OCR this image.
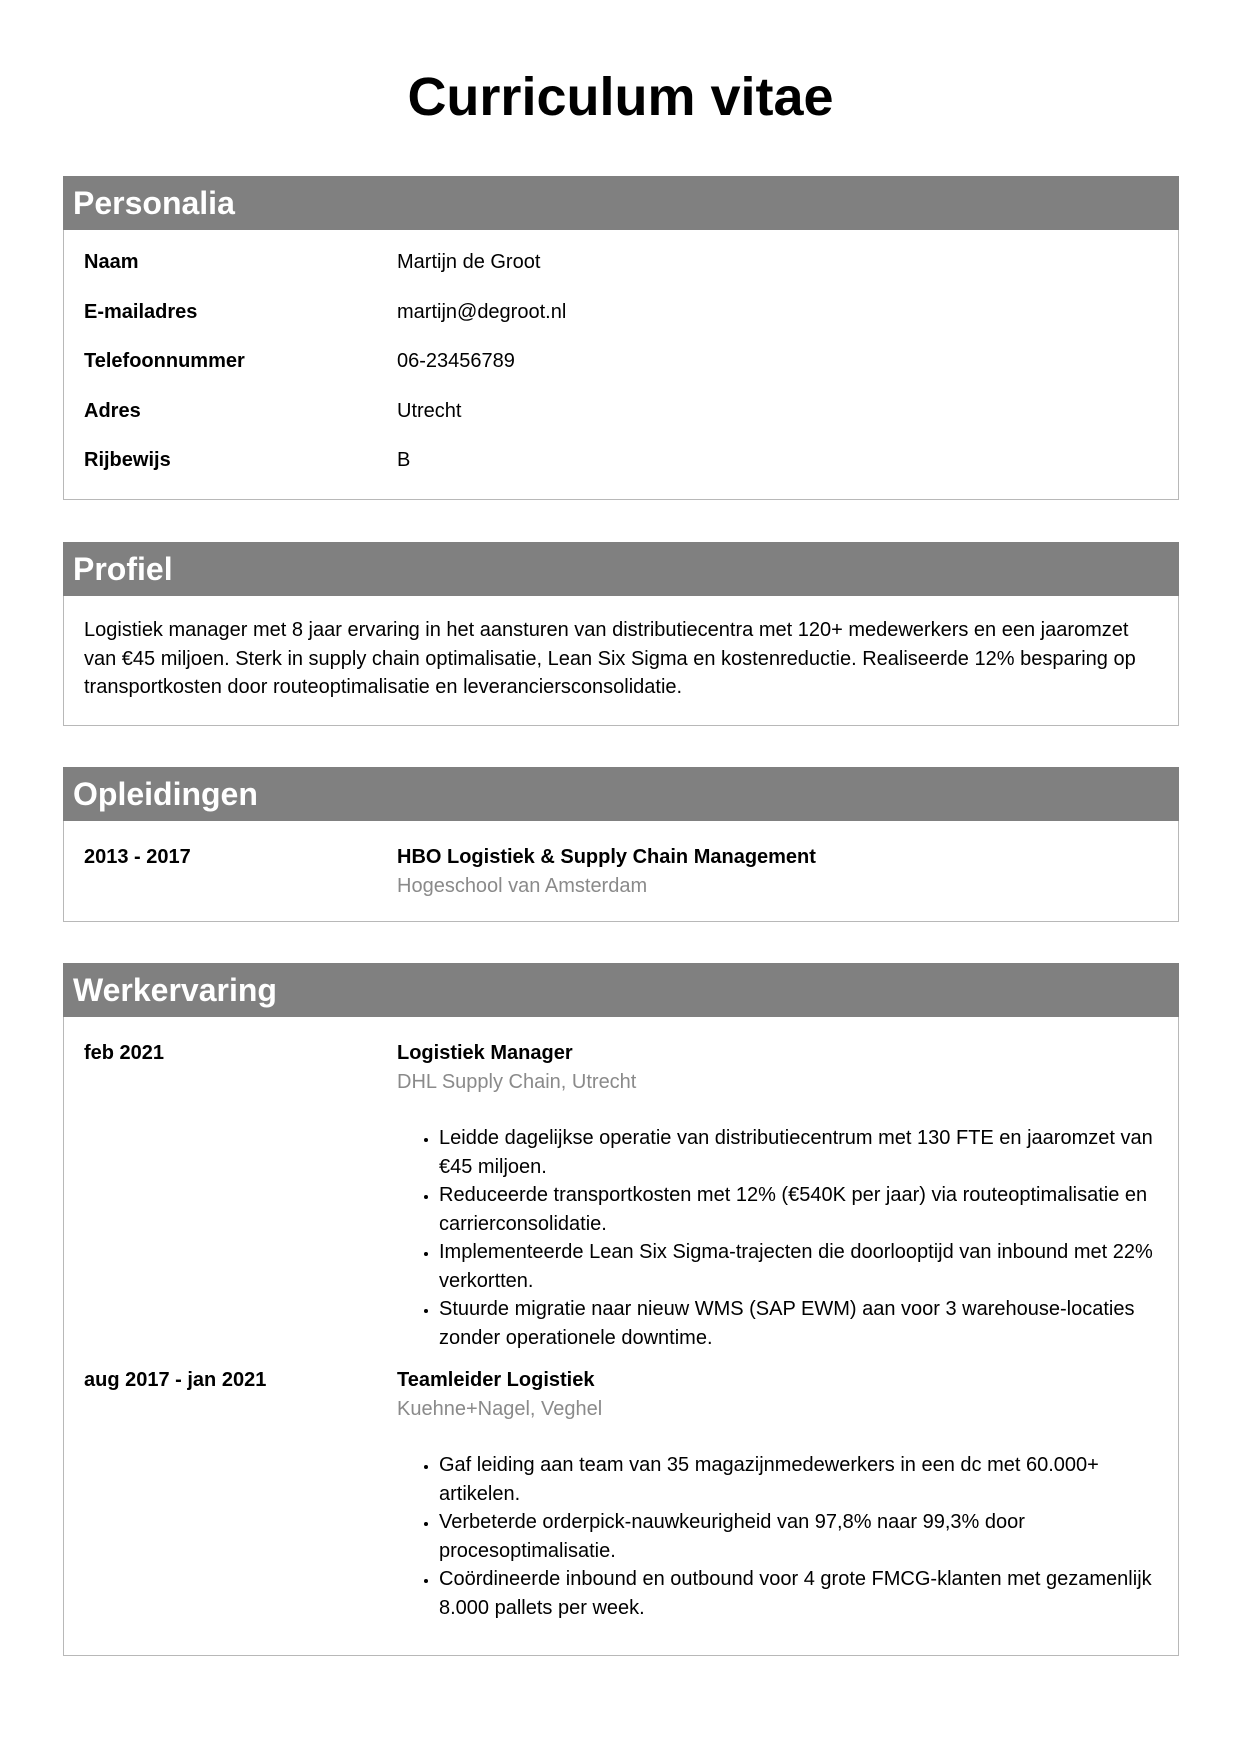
Curriculum vitae
Personalia
Naam	Martijn de Groot
E-mailadres	martijn@degroot.nl
Telefoonnummer	06-23456789
Adres	Utrecht
Rijbewijs	B
Profiel
Logistiek manager met 8 jaar ervaring in het aansturen van distributiecentra met 120+ medewerkers en een jaaromzet van €45 miljoen. Sterk in supply chain optimalisatie, Lean Six Sigma en kostenreductie. Realiseerde 12% besparing op transportkosten door routeoptimalisatie en leveranciersconsolidatie.
Opleidingen
2013 - 2017	HBO Logistiek & Supply Chain Management
Hogeschool van Amsterdam
Werkervaring
feb 2021	Logistiek Manager
DHL Supply Chain, Utrecht
• Leidde dagelijkse operatie van distributiecentrum met 130 FTE en jaaromzet van €45 miljoen.
• Reduceerde transportkosten met 12% (€540K per jaar) via routeoptimalisatie en carrierconsolidatie.
• Implementeerde Lean Six Sigma-trajecten die doorlooptijd van inbound met 22% verkortten.
• Stuurde migratie naar nieuw WMS (SAP EWM) aan voor 3 warehouse-locaties zonder operationele downtime.
aug 2017 - jan 2021	Teamleider Logistiek
Kuehne+Nagel, Veghel
• Gaf leiding aan team van 35 magazijnmedewerkers in een dc met 60.000+ artikelen.
• Verbeterde orderpick-nauwkeurigheid van 97,8% naar 99,3% door procesoptimalisatie.
• Coördineerde inbound en outbound voor 4 grote FMCG-klanten met gezamenlijk 8.000 pallets per week.
